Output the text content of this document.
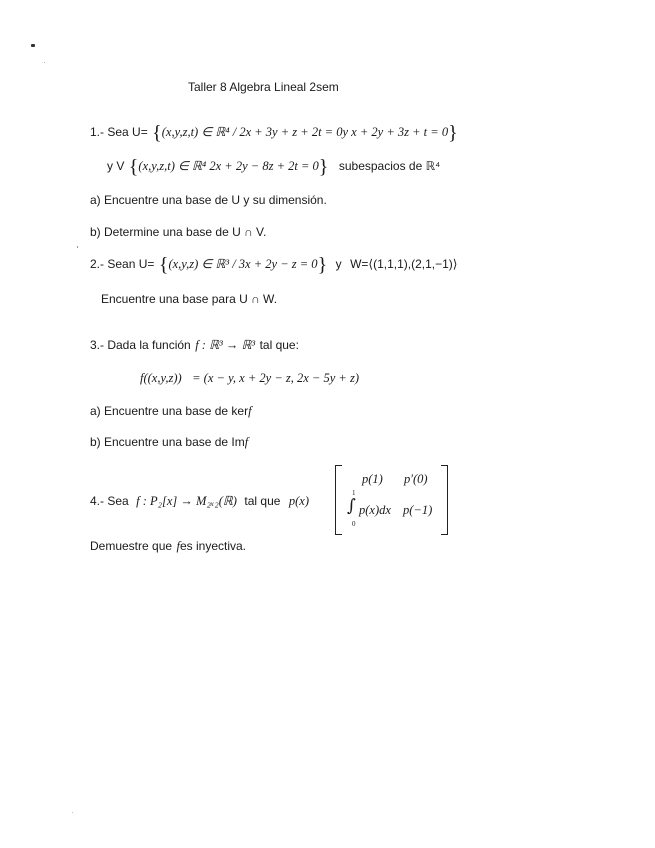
Taller 8 Algebra Lineal 2sem
1.- Sea U= {(x,y,z,t) ∈ ℝ⁴ / 2x + 3y + z + 2t = 0y x + 2y + 3z + t = 0}
y V {(x,y,z,t) ∈ ℝ⁴ 2x + 2y − 8z + 2t = 0} subespacios de ℝ⁴
a) Encuentre una base de U y su dimensión.
b) Determine una base de U ∩ V.
2.- Sean U= {(x,y,z) ∈ ℝ³ / 3x + 2y − z = 0} y W=⟨(1,1,1),(2,1,−1)⟩
Encuentre una base para U ∩ W.
3.- Dada la función f : ℝ³ → ℝ³ tal que:
f((x,y,z)) = (x − y, x + 2y − z, 2x − 5y + z)
a) Encuentre una base de kerf
b) Encuentre una base de Imf
4.- Sea f : P₂[x] → M₂ₓ₂(ℝ) tal que p(x)
p(1) p′(0)
1
∫
0
p(x)dx p(−1)
Demuestre que fes inyectiva.
